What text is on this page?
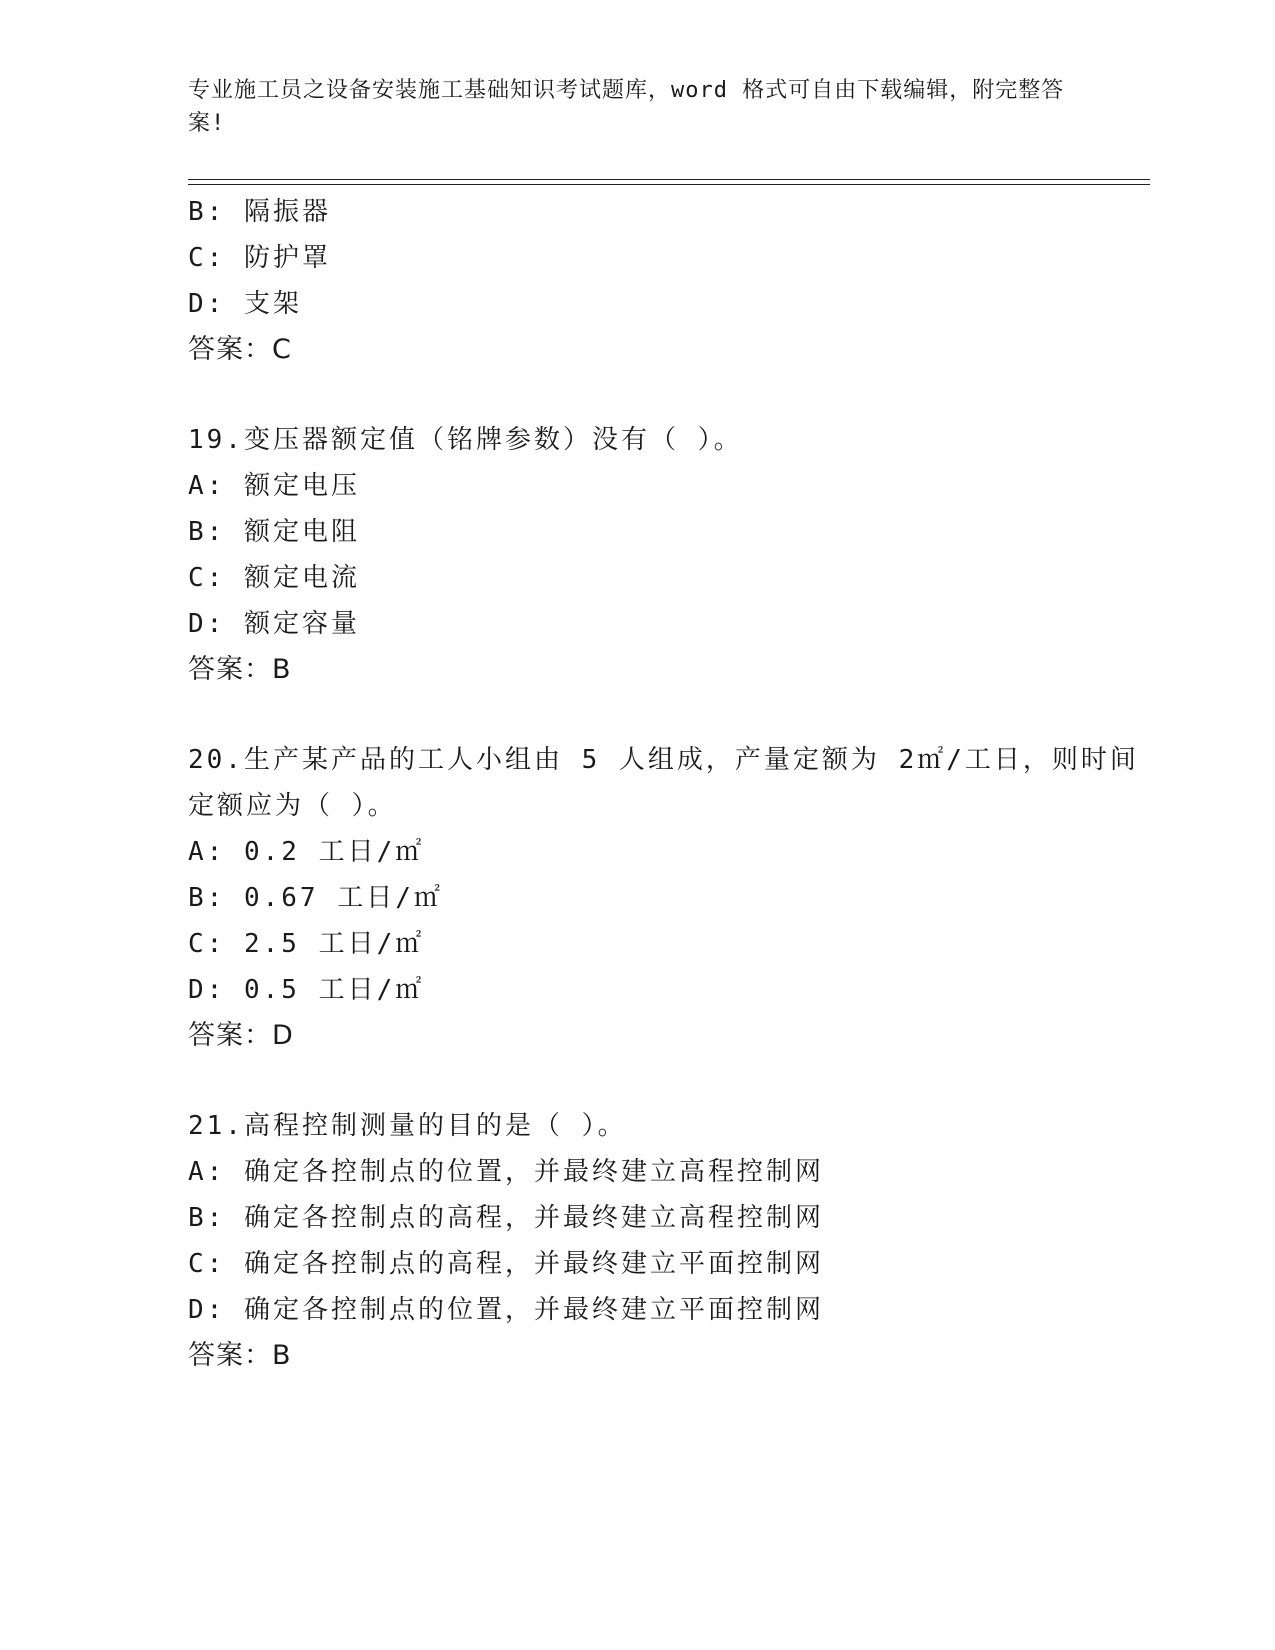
专业施工员之设备安装施工基础知识考试题库，word 格式可自由下载编辑，附完整答案!
B: 隔振器
C: 防护罩
D: 支架
答案：C
19.变压器额定值（铭牌参数）没有（ ）。
A: 额定电压
B: 额定电阻
C: 额定电流
D: 额定容量
答案：B
20.生产某产品的工人小组由 5 人组成，产量定额为 2㎡/工日，则时间
定额应为（ ）。
A: 0.2 工日/㎡
B: 0.67 工日/㎡
C: 2.5 工日/㎡
D: 0.5 工日/㎡
答案：D
21.高程控制测量的目的是（ ）。
A: 确定各控制点的位置，并最终建立高程控制网
B: 确定各控制点的高程，并最终建立高程控制网
C: 确定各控制点的高程，并最终建立平面控制网
D: 确定各控制点的位置，并最终建立平面控制网
答案：B
